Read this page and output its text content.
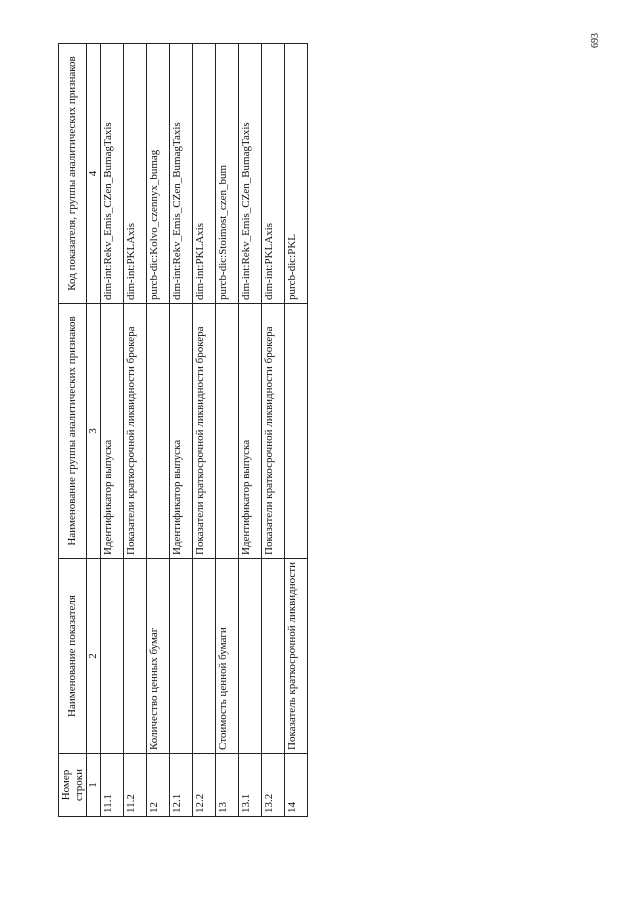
693
Номер строки	Наименование показателя	Наименование группы аналитических признаков	Код показателя, группы аналитических признаков
1	2	3	4
11.1		Идентификатор выпуска	dim-int:Rekv_Emis_CZen_BumagTaxis
11.2		Показатели краткосрочной ликвидности брокера	dim-int:PKLAxis
12	Количество ценных бумаг		purcb-dic:Kolvo_czennyx_bumag
12.1		Идентификатор выпуска	dim-int:Rekv_Emis_CZen_BumagTaxis
12.2		Показатели краткосрочной ликвидности брокера	dim-int:PKLAxis
13	Стоимость ценной бумаги		purcb-dic:Stoimost_czen_bum
13.1		Идентификатор выпуска	dim-int:Rekv_Emis_CZen_BumagTaxis
13.2		Показатели краткосрочной ликвидности брокера	dim-int:PKLAxis
14	Показатель краткосрочной ликвидности		purcb-dic:PKL
